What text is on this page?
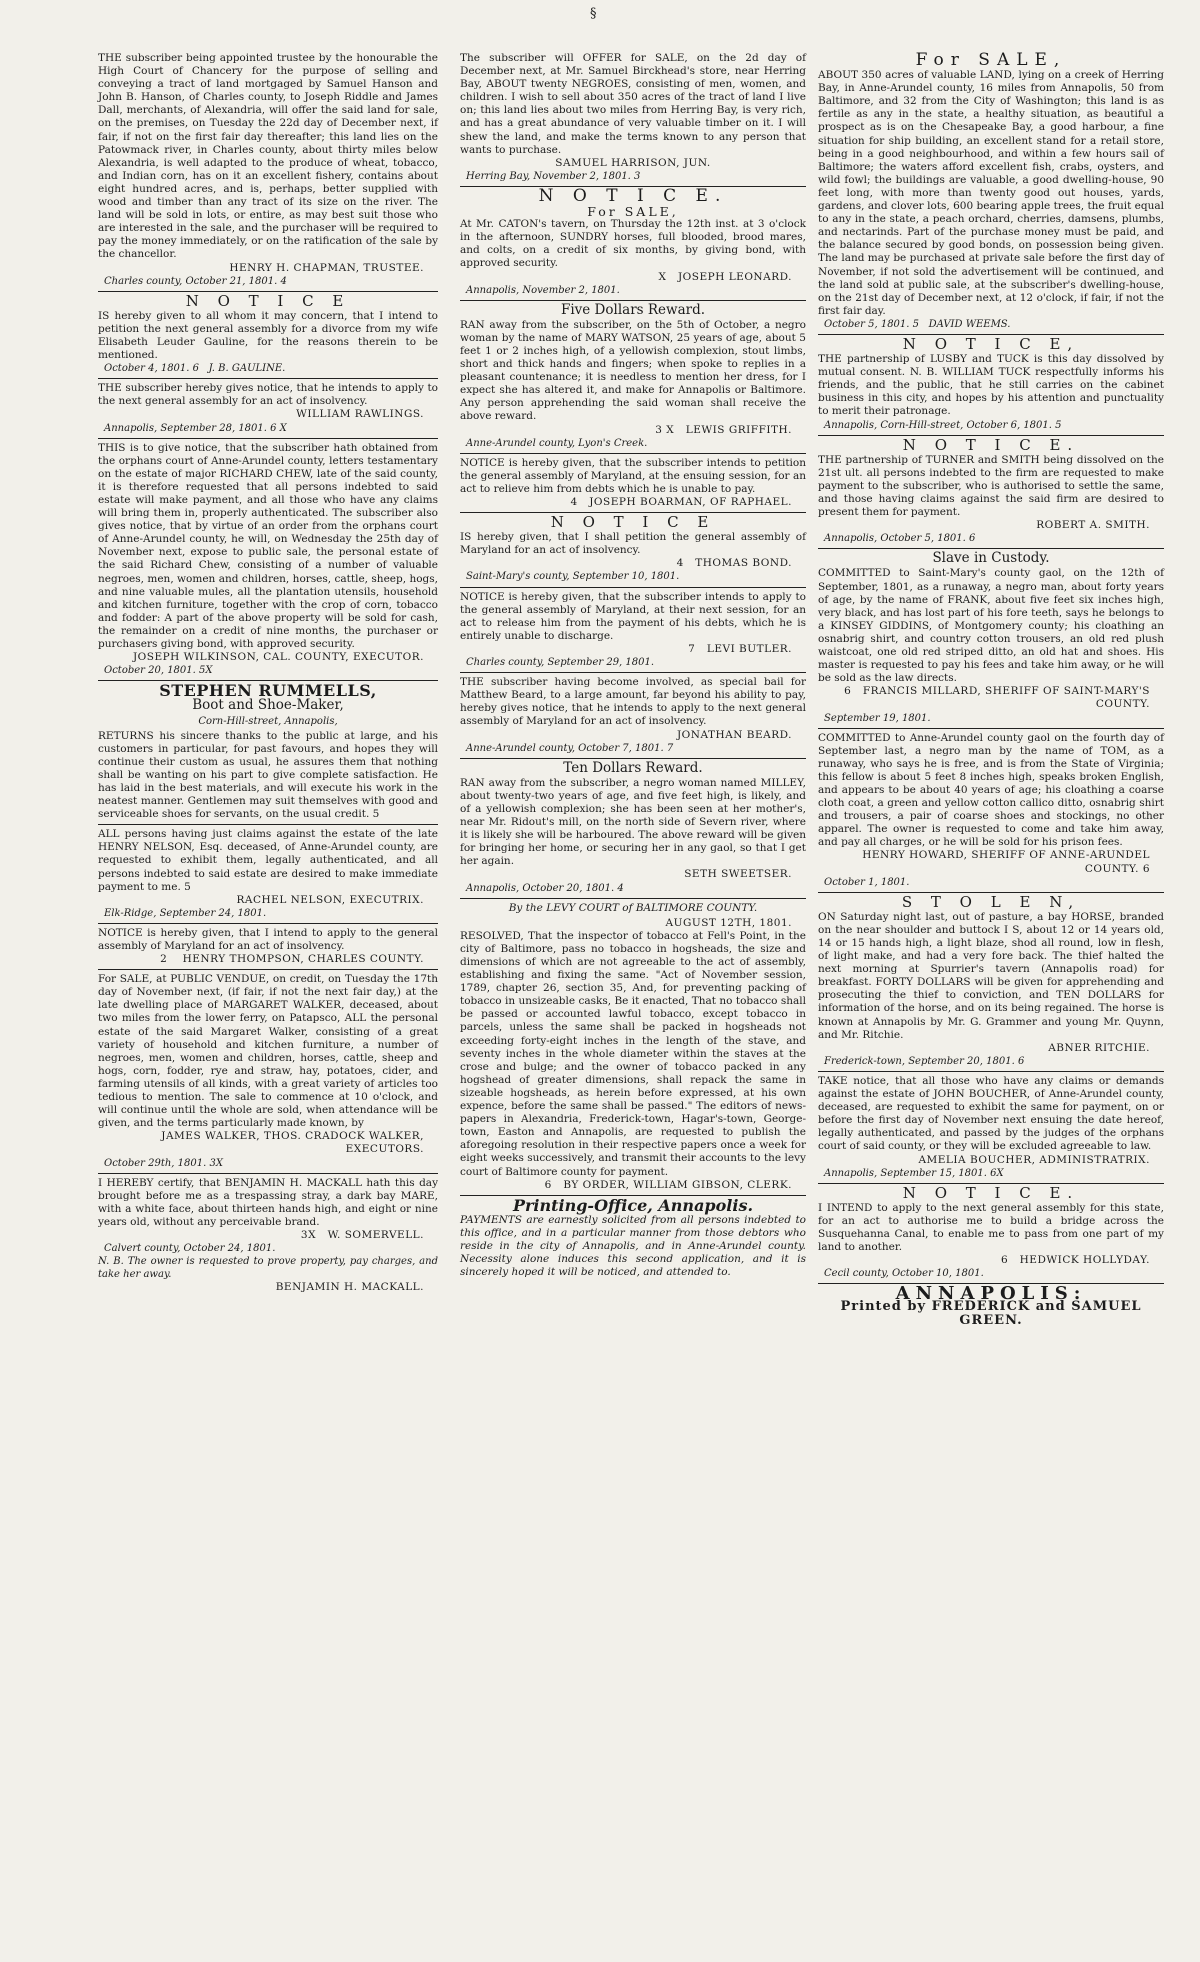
§

THE subscriber being appointed trustee by the honourable the High Court of Chancery for the purpose of selling and conveying a tract of land mortgaged by Samuel Hanson and John B. Hanson, of Charles county, to Joseph Riddle and James Dall, merchants, of Alexandria, will offer the said land for sale, on the premises, on Tuesday the 22d day of December next, if fair, if not on the first fair day thereafter; this land lies on the Patowmack river, in Charles county, about thirty miles below Alexandria, is well adapted to the produce of wheat, tobacco, and Indian corn, has on it an excellent fishery, contains about eight hundred acres, and is, perhaps, better supplied with wood and timber than any tract of its size on the river. The land will be sold in lots, or entire, as may best suit those who are interested in the sale, and the purchaser will be required to pay the money immediately, or on the ratification of the sale by the chancellor.

HENRY H. CHAPMAN, TRUSTEE.
Charles county, October 21, 1801. 4
N O T I C E

IS hereby given to all whom it may concern, that I intend to petition the next general assembly for a divorce from my wife Elisabeth Leuder Gauline, for the reasons therein to be mentioned.

October 4, 1801. 6 J. B. GAULINE.

THE subscriber hereby gives notice, that he intends to apply to the next general assembly for an act of insolvency.

WILLIAM RAWLINGS.
Annapolis, September 28, 1801. 6 X

THIS is to give notice, that the subscriber hath obtained from the orphans court of Anne-Arundel county, letters testamentary on the estate of major RICHARD CHEW, late of the said county, it is therefore requested that all persons indebted to said estate will make payment, and all those who have any claims will bring them in, properly authenticated. The subscriber also gives notice, that by virtue of an order from the orphans court of Anne-Arundel county, he will, on Wednesday the 25th day of November next, expose to public sale, the personal estate of the said Richard Chew, consisting of a number of valuable negroes, men, women and children, horses, cattle, sheep, hogs, and nine valuable mules, all the plantation utensils, household and kitchen furniture, together with the crop of corn, tobacco and fodder: A part of the above property will be sold for cash, the remainder on a credit of nine months, the purchaser or purchasers giving bond, with approved security.

JOSEPH WILKINSON, CAL. COUNTY, EXECUTOR.
October 20, 1801. 5X
STEPHEN RUMMELLS,
Boot and Shoe-Maker,
Corn-Hill-street, Annapolis,

RETURNS his sincere thanks to the public at large, and his customers in particular, for past favours, and hopes they will continue their custom as usual, he assures them that nothing shall be wanting on his part to give complete satisfaction. He has laid in the best materials, and will execute his work in the neatest manner. Gentlemen may suit themselves with good and serviceable shoes for servants, on the usual credit. 5

ALL persons having just claims against the estate of the late HENRY NELSON, Esq. deceased, of Anne-Arundel county, are requested to exhibit them, legally authenticated, and all persons indebted to said estate are desired to make immediate payment to me. 5

RACHEL NELSON, EXECUTRIX.
Elk-Ridge, September 24, 1801.

NOTICE is hereby given, that I intend to apply to the general assembly of Maryland for an act of insolvency.

2 HENRY THOMPSON, CHARLES COUNTY.

For SALE, at PUBLIC VENDUE, on credit, on Tuesday the 17th day of November next, (if fair, if not the next fair day,) at the late dwelling place of MARGARET WALKER, deceased, about two miles from the lower ferry, on Patapsco, ALL the personal estate of the said Margaret Walker, consisting of a great variety of household and kitchen furniture, a number of negroes, men, women and children, horses, cattle, sheep and hogs, corn, fodder, rye and straw, hay, potatoes, cider, and farming utensils of all kinds, with a great variety of articles too tedious to mention. The sale to commence at 10 o'clock, and will continue until the whole are sold, when attendance will be given, and the terms particularly made known, by

JAMES WALKER, THOS. CRADOCK WALKER, EXECUTORS.
October 29th, 1801. 3X

I HEREBY certify, that BENJAMIN H. MACKALL hath this day brought before me as a trespassing stray, a dark bay MARE, with a white face, about thirteen hands high, and eight or nine years old, without any perceivable brand.

3X W. SOMERVELL.
Calvert county, October 24, 1801.
N. B. The owner is requested to prove property, pay charges, and take her away.
BENJAMIN H. MACKALL.

The subscriber will OFFER for SALE, on the 2d day of December next, at Mr. Samuel Birckhead's store, near Herring Bay, ABOUT twenty NEGROES, consisting of men, women, and children. I wish to sell about 350 acres of the tract of land I live on; this land lies about two miles from Herring Bay, is very rich, and has a great abundance of very valuable timber on it. I will shew the land, and make the terms known to any person that wants to purchase.

SAMUEL HARRISON, JUN.
Herring Bay, November 2, 1801. 3
N O T I C E.
For SALE,

At Mr. CATON's tavern, on Thursday the 12th inst. at 3 o'clock in the afternoon, SUNDRY horses, full blooded, brood mares, and colts, on a credit of six months, by giving bond, with approved security.

X JOSEPH LEONARD.
Annapolis, November 2, 1801.
Five Dollars Reward.

RAN away from the subscriber, on the 5th of October, a negro woman by the name of MARY WATSON, 25 years of age, about 5 feet 1 or 2 inches high, of a yellowish complexion, stout limbs, short and thick hands and fingers; when spoke to replies in a pleasant countenance; it is needless to mention her dress, for I expect she has altered it, and make for Annapolis or Baltimore. Any person apprehending the said woman shall receive the above reward.

3 X LEWIS GRIFFITH.
Anne-Arundel county, Lyon's Creek.

NOTICE is hereby given, that the subscriber intends to petition the general assembly of Maryland, at the ensuing session, for an act to relieve him from debts which he is unable to pay.

4 JOSEPH BOARMAN, OF RAPHAEL.
N O T I C E

IS hereby given, that I shall petition the general assembly of Maryland for an act of insolvency.

4 THOMAS BOND.
Saint-Mary's county, September 10, 1801.

NOTICE is hereby given, that the subscriber intends to apply to the general assembly of Maryland, at their next session, for an act to release him from the payment of his debts, which he is entirely unable to discharge.

7 LEVI BUTLER.
Charles county, September 29, 1801.

THE subscriber having become involved, as special bail for Matthew Beard, to a large amount, far beyond his ability to pay, hereby gives notice, that he intends to apply to the next general assembly of Maryland for an act of insolvency.

JONATHAN BEARD.
Anne-Arundel county, October 7, 1801. 7
Ten Dollars Reward.

RAN away from the subscriber, a negro woman named MILLEY, about twenty-two years of age, and five feet high, is likely, and of a yellowish complexion; she has been seen at her mother's, near Mr. Ridout's mill, on the north side of Severn river, where it is likely she will be harboured. The above reward will be given for bringing her home, or securing her in any gaol, so that I get her again.

SETH SWEETSER.
Annapolis, October 20, 1801. 4
By the LEVY COURT of BALTIMORE COUNTY.
AUGUST 12TH, 1801.

RESOLVED, That the inspector of tobacco at Fell's Point, in the city of Baltimore, pass no tobacco in hogsheads, the size and dimensions of which are not agreeable to the act of assembly, establishing and fixing the same. "Act of November session, 1789, chapter 26, section 35, And, for preventing packing of tobacco in unsizeable casks, Be it enacted, That no tobacco shall be passed or accounted lawful tobacco, except tobacco in parcels, unless the same shall be packed in hogsheads not exceeding forty-eight inches in the length of the stave, and seventy inches in the whole diameter within the staves at the crose and bulge; and the owner of tobacco packed in any hogshead of greater dimensions, shall repack the same in sizeable hogsheads, as herein before expressed, at his own expence, before the same shall be passed." The editors of news-papers in Alexandria, Frederick-town, Hagar's-town, George-town, Easton and Annapolis, are requested to publish the aforegoing resolution in their respective papers once a week for eight weeks successively, and transmit their accounts to the levy court of Baltimore county for payment.

6 BY ORDER, WILLIAM GIBSON, CLERK.
Printing-Office, Annapolis.

PAYMENTS are earnestly solicited from all persons indebted to this office, and in a particular manner from those debtors who reside in the city of Annapolis, and in Anne-Arundel county. Necessity alone induces this second application, and it is sincerely hoped it will be noticed, and attended to.

For SALE,

ABOUT 350 acres of valuable LAND, lying on a creek of Herring Bay, in Anne-Arundel county, 16 miles from Annapolis, 50 from Baltimore, and 32 from the City of Washington; this land is as fertile as any in the state, a healthy situation, as beautiful a prospect as is on the Chesapeake Bay, a good harbour, a fine situation for ship building, an excellent stand for a retail store, being in a good neighbourhood, and within a few hours sail of Baltimore; the waters afford excellent fish, crabs, oysters, and wild fowl; the buildings are valuable, a good dwelling-house, 90 feet long, with more than twenty good out houses, yards, gardens, and clover lots, 600 bearing apple trees, the fruit equal to any in the state, a peach orchard, cherries, damsens, plumbs, and nectarinds. Part of the purchase money must be paid, and the balance secured by good bonds, on possession being given. The land may be purchased at private sale before the first day of November, if not sold the advertisement will be continued, and the land sold at public sale, at the subscriber's dwelling-house, on the 21st day of December next, at 12 o'clock, if fair, if not the first fair day.

October 5, 1801. 5 DAVID WEEMS.
N O T I C E,

THE partnership of LUSBY and TUCK is this day dissolved by mutual consent. N. B. WILLIAM TUCK respectfully informs his friends, and the public, that he still carries on the cabinet business in this city, and hopes by his attention and punctuality to merit their patronage.

Annapolis, Corn-Hill-street, October 6, 1801. 5
N O T I C E.

THE partnership of TURNER and SMITH being dissolved on the 21st ult. all persons indebted to the firm are requested to make payment to the subscriber, who is authorised to settle the same, and those having claims against the said firm are desired to present them for payment.

ROBERT A. SMITH.
Annapolis, October 5, 1801. 6
Slave in Custody.

COMMITTED to Saint-Mary's county gaol, on the 12th of September, 1801, as a runaway, a negro man, about forty years of age, by the name of FRANK, about five feet six inches high, very black, and has lost part of his fore teeth, says he belongs to a KINSEY GIDDINS, of Montgomery county; his cloathing an osnabrig shirt, and country cotton trousers, an old red plush waistcoat, one old red striped ditto, an old hat and shoes. His master is requested to pay his fees and take him away, or he will be sold as the law directs.

6 FRANCIS MILLARD, SHERIFF OF SAINT-MARY'S COUNTY.
September 19, 1801.

COMMITTED to Anne-Arundel county gaol on the fourth day of September last, a negro man by the name of TOM, as a runaway, who says he is free, and is from the State of Virginia; this fellow is about 5 feet 8 inches high, speaks broken English, and appears to be about 40 years of age; his cloathing a coarse cloth coat, a green and yellow cotton callico ditto, osnabrig shirt and trousers, a pair of coarse shoes and stockings, no other apparel. The owner is requested to come and take him away, and pay all charges, or he will be sold for his prison fees.

HENRY HOWARD, SHERIFF OF ANNE-ARUNDEL COUNTY. 6
October 1, 1801.
S T O L E N,

ON Saturday night last, out of pasture, a bay HORSE, branded on the near shoulder and buttock I S, about 12 or 14 years old, 14 or 15 hands high, a light blaze, shod all round, low in flesh, of light make, and had a very fore back. The thief halted the next morning at Spurrier's tavern (Annapolis road) for breakfast. FORTY DOLLARS will be given for apprehending and prosecuting the thief to conviction, and TEN DOLLARS for information of the horse, and on its being regained. The horse is known at Annapolis by Mr. G. Grammer and young Mr. Quynn, and Mr. Ritchie.

ABNER RITCHIE.
Frederick-town, September 20, 1801. 6

TAKE notice, that all those who have any claims or demands against the estate of JOHN BOUCHER, of Anne-Arundel county, deceased, are requested to exhibit the same for payment, on or before the first day of November next ensuing the date hereof, legally authenticated, and passed by the judges of the orphans court of said county, or they will be excluded agreeable to law.

AMELIA BOUCHER, ADMINISTRATRIX.
Annapolis, September 15, 1801. 6X
N O T I C E.

I INTEND to apply to the next general assembly for this state, for an act to authorise me to build a bridge across the Susquehanna Canal, to enable me to pass from one part of my land to another.

6 HEDWICK HOLLYDAY.
Cecil county, October 10, 1801.
ANNAPOLIS:
Printed by FREDERICK and SAMUEL GREEN.
